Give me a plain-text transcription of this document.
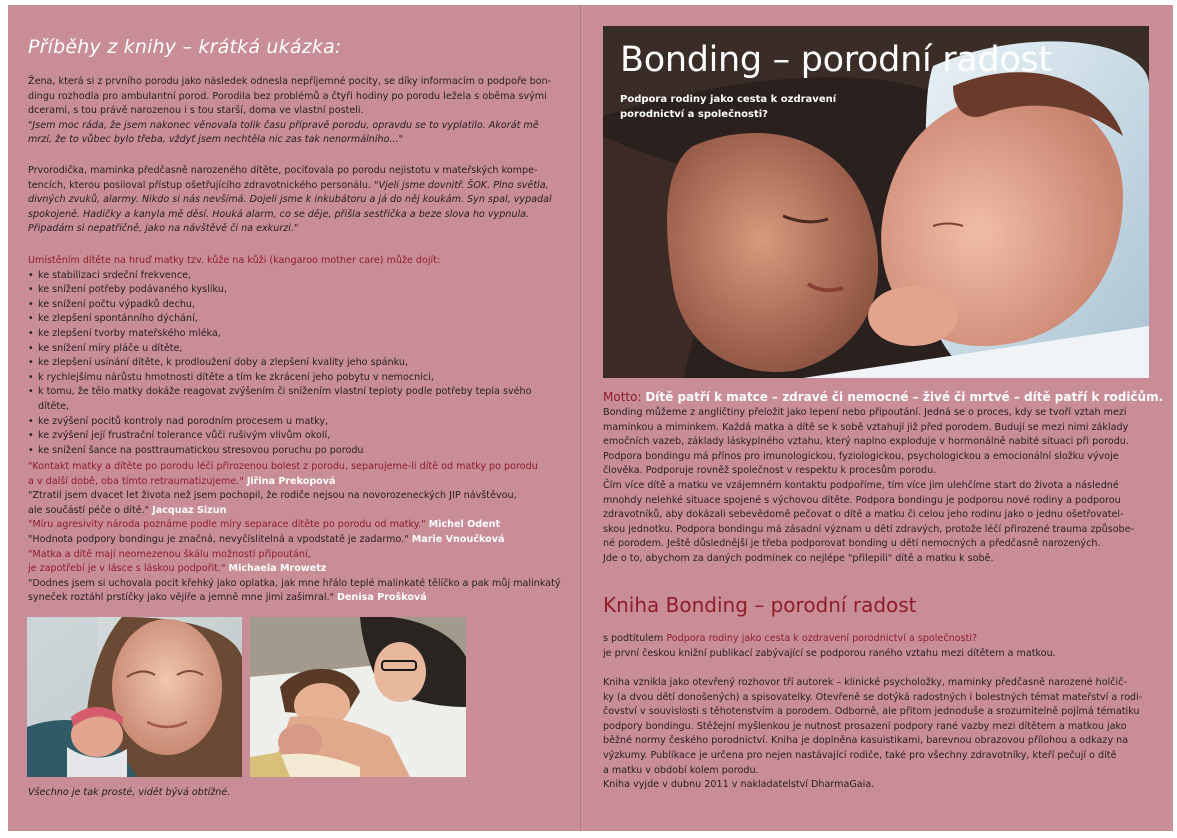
Příběhy z knihy – krátká ukázka:

Žena, která si z prvního porodu jako následek odnesla nepříjemné pocity, se díky informacím o podpoře bon-dingu rozhodla pro ambulantní porod. Porodila bez problémů a čtyři hodiny po porodu ležela s oběma svými dcerami, s tou právě narozenou i s tou starší, doma ve vlastní posteli.

"Jsem moc ráda, že jsem nakonec věnovala tolik času přípravě porodu, opravdu se to vyplatilo. Akorát mě mrzí, že to vůbec bylo třeba, vždyť jsem nechtěla nic zas tak nenormálního..."

Prvorodička, maminka předčasně narozeného dítěte, pociťovala po porodu nejistotu v mateřských kompe-tencích, kterou posiloval přístup ošetřujícího zdravotnického personálu. "Vjeli jsme dovnitř. ŠOK. Plno světla, divných zvuků, alarmy. Nikdo si nás nevšímá. Dojeli jsme k inkubátoru a já do něj koukám. Syn spal, vypadal spokojeně. Hadičky a kanyla mě děsí. Houká alarm, co se děje, přišla sestřička a beze slova ho vypnula. Připadám si nepatřičně, jako na návštěvě či na exkurzi."

Umístěním dítěte na hruď matky tzv. kůže na kůži (kangaroo mother care) může dojít:

• ke stabilizaci srdeční frekvence,
• ke snížení potřeby podávaného kyslíku,
• ke snížení počtu výpadků dechu,
• ke zlepšení spontánního dýchání,
• ke zlepšení tvorby mateřského mléka,
• ke snížení míry pláče u dítěte,
• ke zlepšení usínání dítěte, k prodloužení doby a zlepšení kvality jeho spánku,
• k rychlejšímu nárůstu hmotnosti dítěte a tím ke zkrácení jeho pobytu v nemocnici,
• k tomu, že tělo matky dokáže reagovat zvýšením či snížením vlastní teploty podle potřeby tepla svého dítěte,
• ke zvýšení pocitů kontroly nad porodním procesem u matky,
• ke zvýšení její frustrační tolerance vůči rušivým vlivům okolí,
• ke snížení šance na posttraumatickou stresovou poruchu po porodu

"Kontakt matky a dítěte po porodu léčí přirozenou bolest z porodu, separujeme-li dítě od matky po porodu
a v další době, oba tímto retraumatizujeme." Jiřina Prekopová

"Ztratil jsem dvacet let života než jsem pochopil, že rodiče nejsou na novorozeneckých JIP návštěvou,
ale součástí péče o dítě." Jacquaz Sizun

"Míru agresivity národa poznáme podle míry separace dítěte po porodu od matky." Michel Odent

"Hodnota podpory bondingu je značná, nevyčíslitelná a vpodstatě je zadarmo." Marie Vnoučková

"Matka a dítě mají neomezenou škálu možností připoutání,
je zapotřebí je v lásce s láskou podpořit." Michaela Mrowetz

"Dodnes jsem si uchovala pocit křehký jako oplatka, jak mne hřálo teplé malinkaté tělíčko a pak můj malinkatý
syneček roztáhl prstíčky jako vějíře a jemně mne jimi zašimral." Denisa Prošková

Všechno je tak prosté, vidět bývá obtížné.
Bonding – porodní radost
Podpora rodiny jako cesta k ozdravení porodnictví a společnosti?
Motto: Dítě patří k matce – zdravé či nemocné – živé či mrtvé – dítě patří k rodičům.
Bonding můžeme z angličtiny přeložit jako lepení nebo připoutání. Jedná se o proces, kdy se tvoří vztah mezi
maminkou a miminkem. Každá matka a dítě se k sobě vztahují již před porodem. Budují se mezi nimi základy
emočních vazeb, základy láskyplného vztahu, který naplno exploduje v hormonálně nabité situaci při porodu.
Podpora bondingu má přínos pro imunologickou, fyziologickou, psychologickou a emocionální složku vývoje
člověka. Podporuje rovněž společnost v respektu k procesům porodu.
Čím více dítě a matku ve vzájemném kontaktu podpoříme, tím více jim ulehčíme start do života a následné
mnohdy nelehké situace spojené s výchovou dítěte. Podpora bondingu je podporou nové rodiny a podporou
zdravotníků, aby dokázali sebevědomě pečovat o dítě a matku či celou jeho rodinu jako o jednu ošetřovatel-
skou jednotku. Podpora bondingu má zásadní význam u dětí zdravých, protože léčí přirozené trauma způsobe-
né porodem. Ještě důslednější je třeba podporovat bonding u dětí nemocných a předčasně narozených.
Jde o to, abychom za daných podmínek co nejlépe "přilepili" dítě a matku k sobě.
Kniha Bonding – porodní radost
s podtitulem Podpora rodiny jako cesta k ozdravení porodnictví a společnosti?
je první českou knižní publikací zabývající se podporou raného vztahu mezi dítětem a matkou.
Kniha vznikla jako otevřený rozhovor tří autorek – klinické psycholožky, maminky předčasně narozené holčič-
ky (a dvou dětí donošených) a spisovatelky. Otevřeně se dotýká radostných i bolestných témat mateřství a rodi-
čovství v souvislosti s těhotenstvím a porodem. Odborně, ale přitom jednoduše a srozumitelně pojímá tématiku
podpory bondingu. Stěžejní myšlenkou je nutnost prosazení podpory rané vazby mezi dítětem a matkou jako
běžné normy českého porodnictví. Kniha je doplněna kasuistikami, barevnou obrazovou přílohou a odkazy na
výzkumy. Publikace je určena pro nejen nastávající rodiče, také pro všechny zdravotníky, kteří pečují o dítě
a matku v období kolem porodu.
Kniha vyjde v dubnu 2011 v nakladatelství DharmaGaia.
